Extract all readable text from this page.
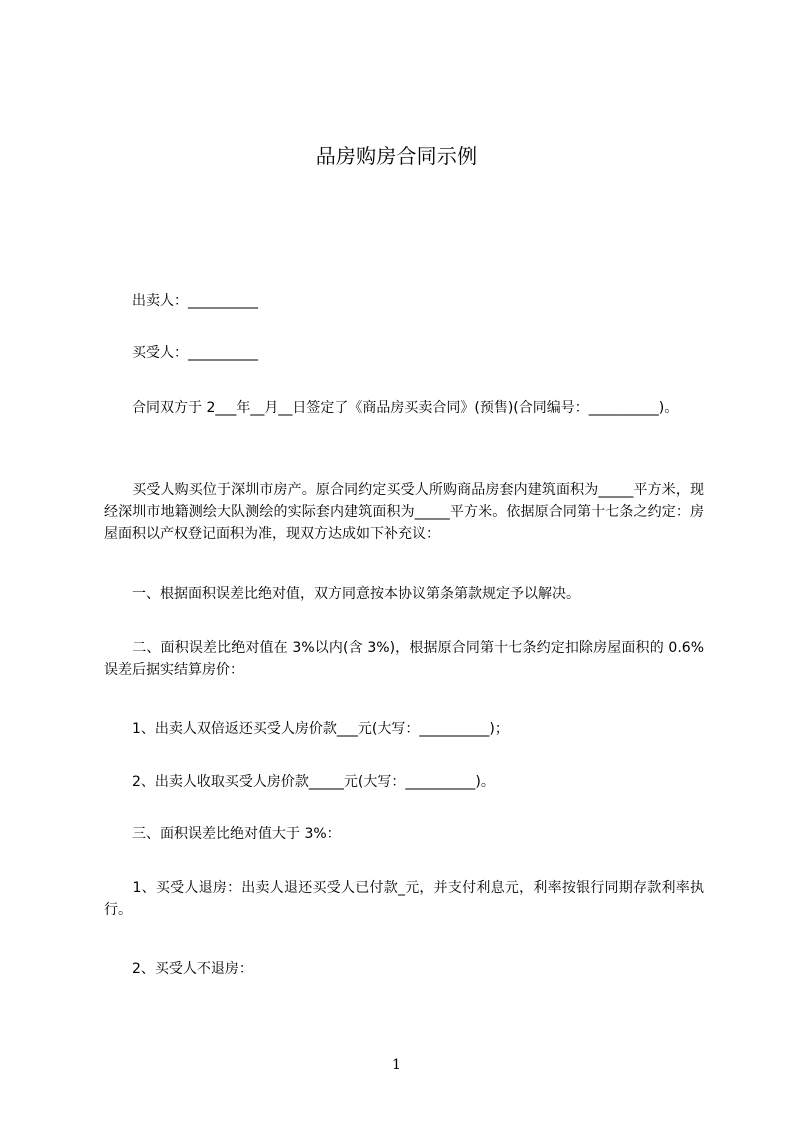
品房购房合同示例
　　出卖人：__________
　　买受人：__________
　　合同双方于 2___年__月__日签定了《商品房买卖合同》(预售)(合同编号：__________)。
　　买受人购买位于深圳市房产。原合同约定买受人所购商品房套内建筑面积为_____平方米，现经深圳市地籍测绘大队测绘的实际套内建筑面积为_____平方米。依据原合同第十七条之约定：房屋面积以产权登记面积为准，现双方达成如下补充议：
　　一、根据面积误差比绝对值，双方同意按本协议第条第款规定予以解决。
　　二、面积误差比绝对值在 3%以内(含 3%)，根据原合同第十七条约定扣除房屋面积的 0.6%误差后据实结算房价：
　　1、出卖人双倍返还买受人房价款___元(大写：__________)；
　　2、出卖人收取买受人房价款_____元(大写：__________)。
　　三、面积误差比绝对值大于 3%：
　　1、买受人退房：出卖人退还买受人已付款_元，并支付利息元，利率按银行同期存款利率执行。
　　2、买受人不退房：
1
